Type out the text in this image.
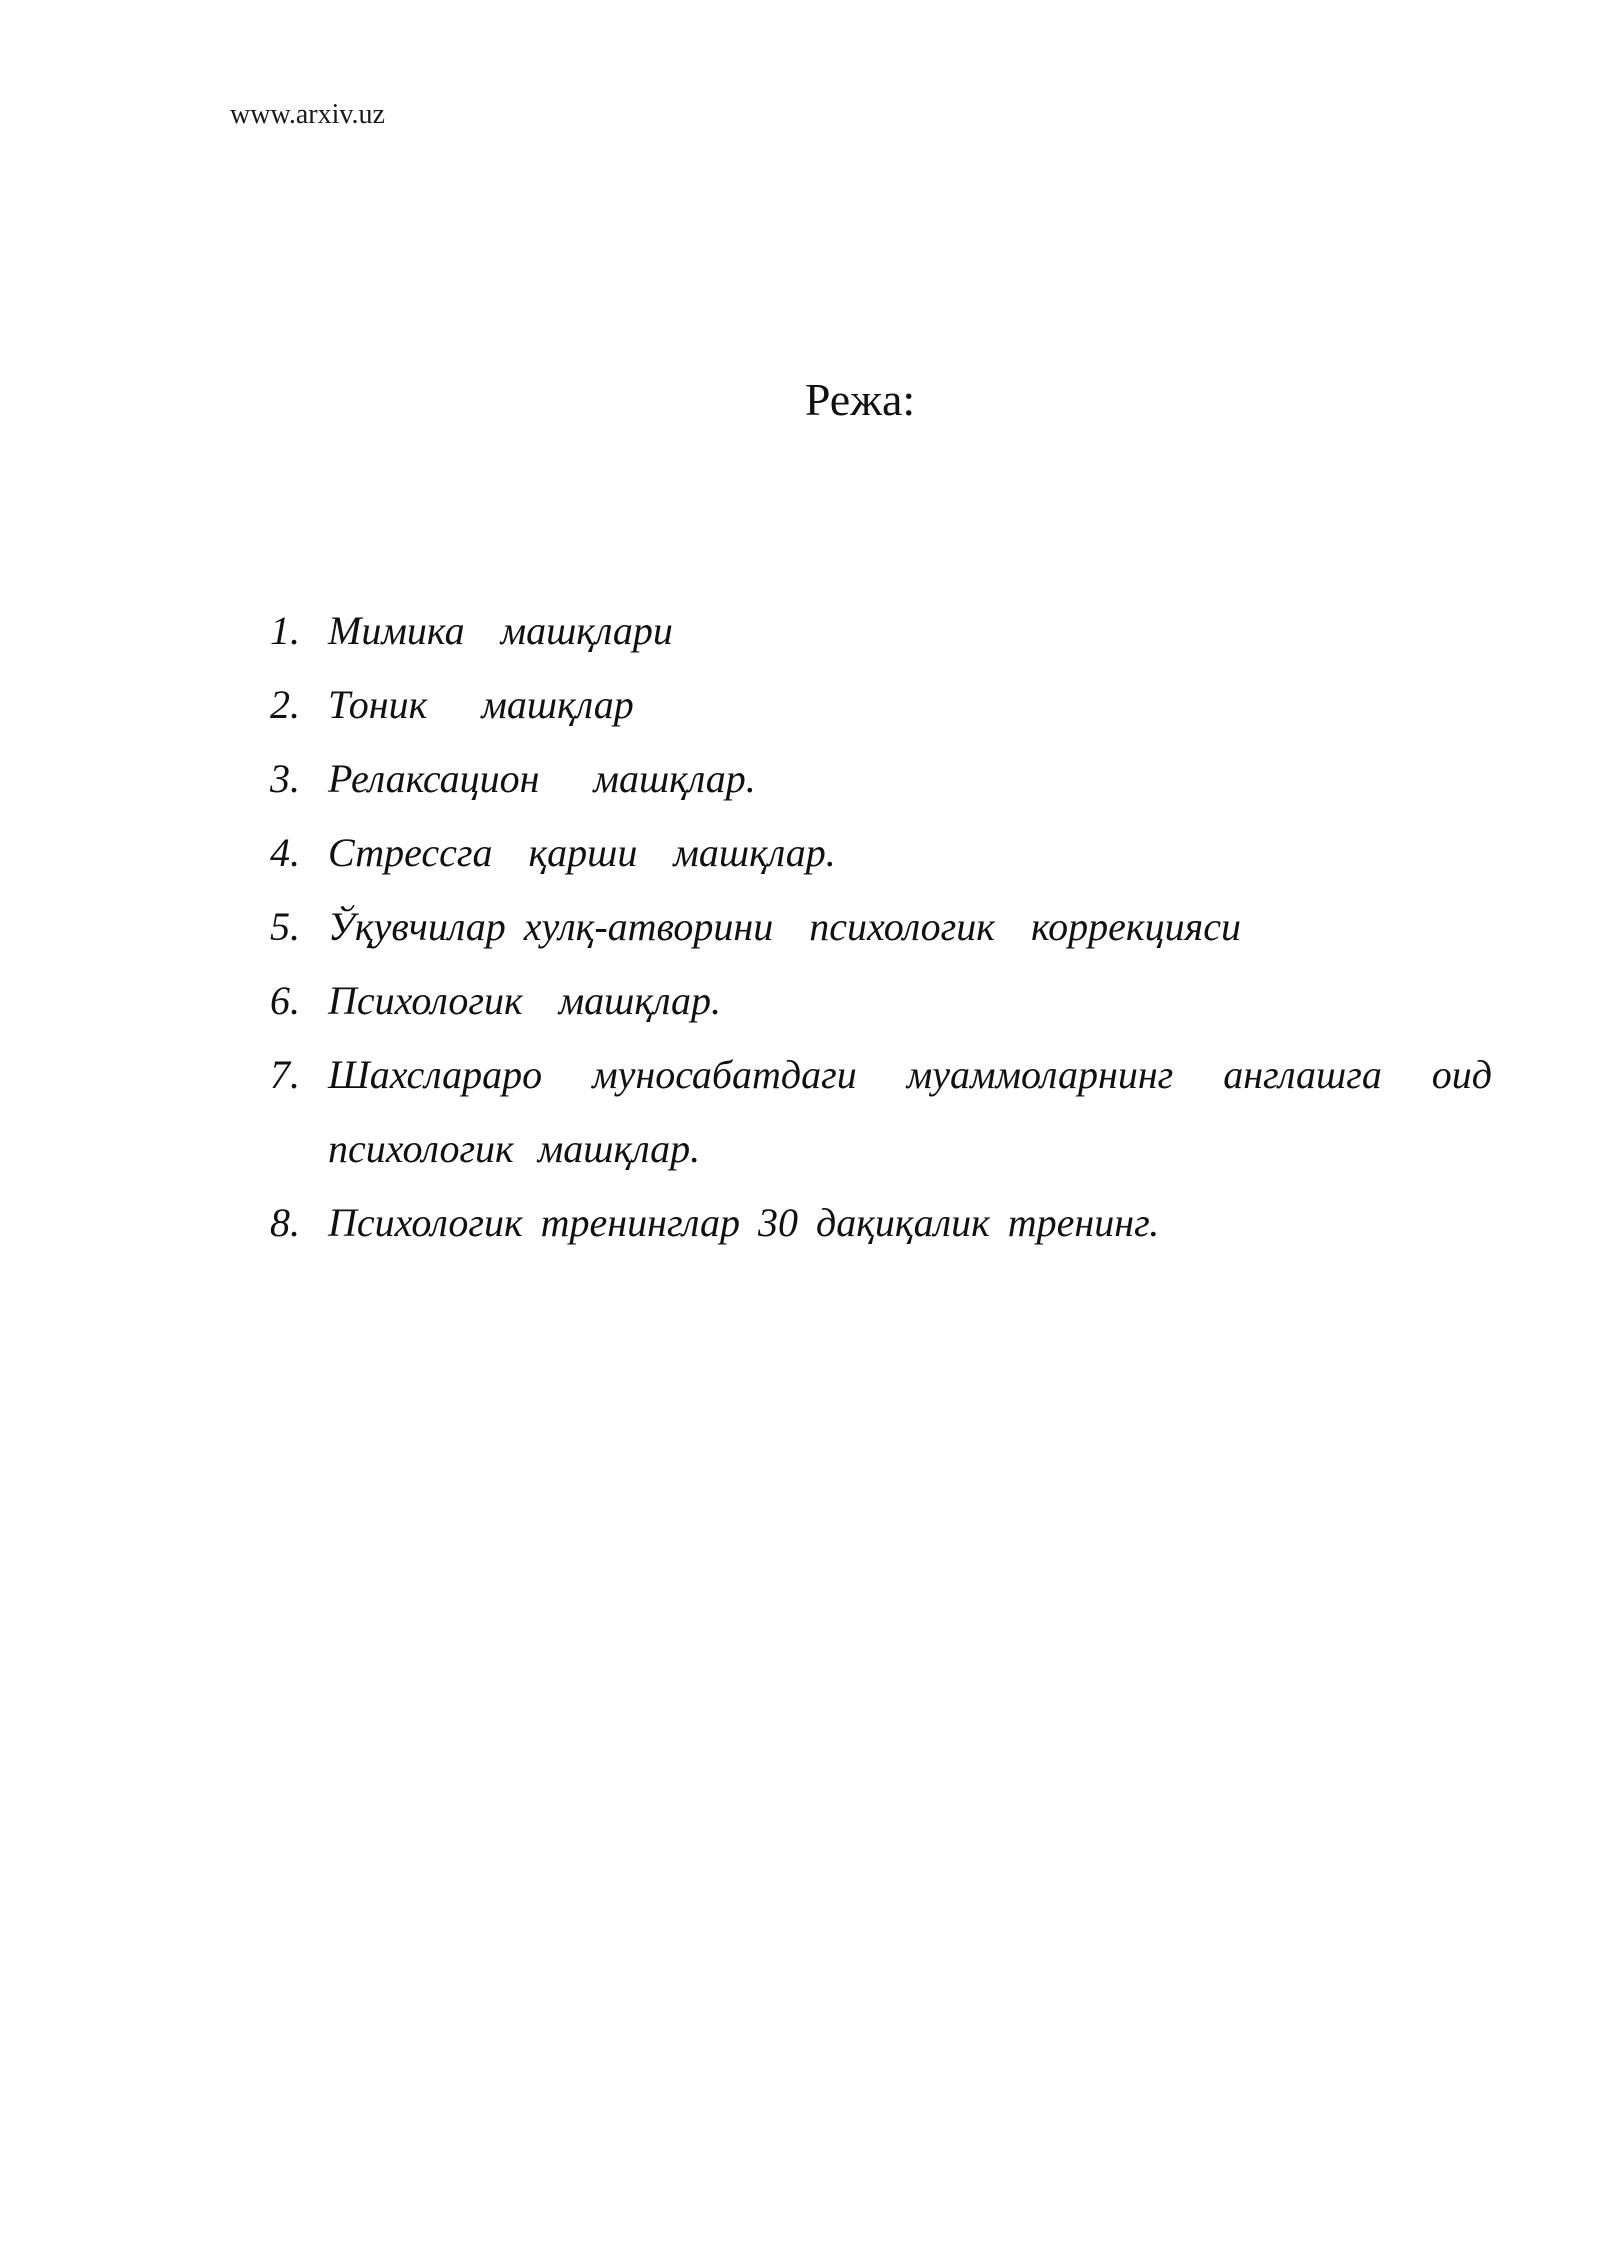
www.arxiv.uz
Режа:
1. Мимика  машқлари
2. Тоник   машқлар
3. Релаксацион   машқлар.
4. Стрессга  қарши  машқлар.
5. Ўқувчилар хулқ-атворини  психологик  коррекцияси
6. Психологик  машқлар.
7. Шахслараро муносабатдаги муаммоларнинг англашга оид психологик машқлар.
8. Психологик тренинглар 30 дақиқалик тренинг.
